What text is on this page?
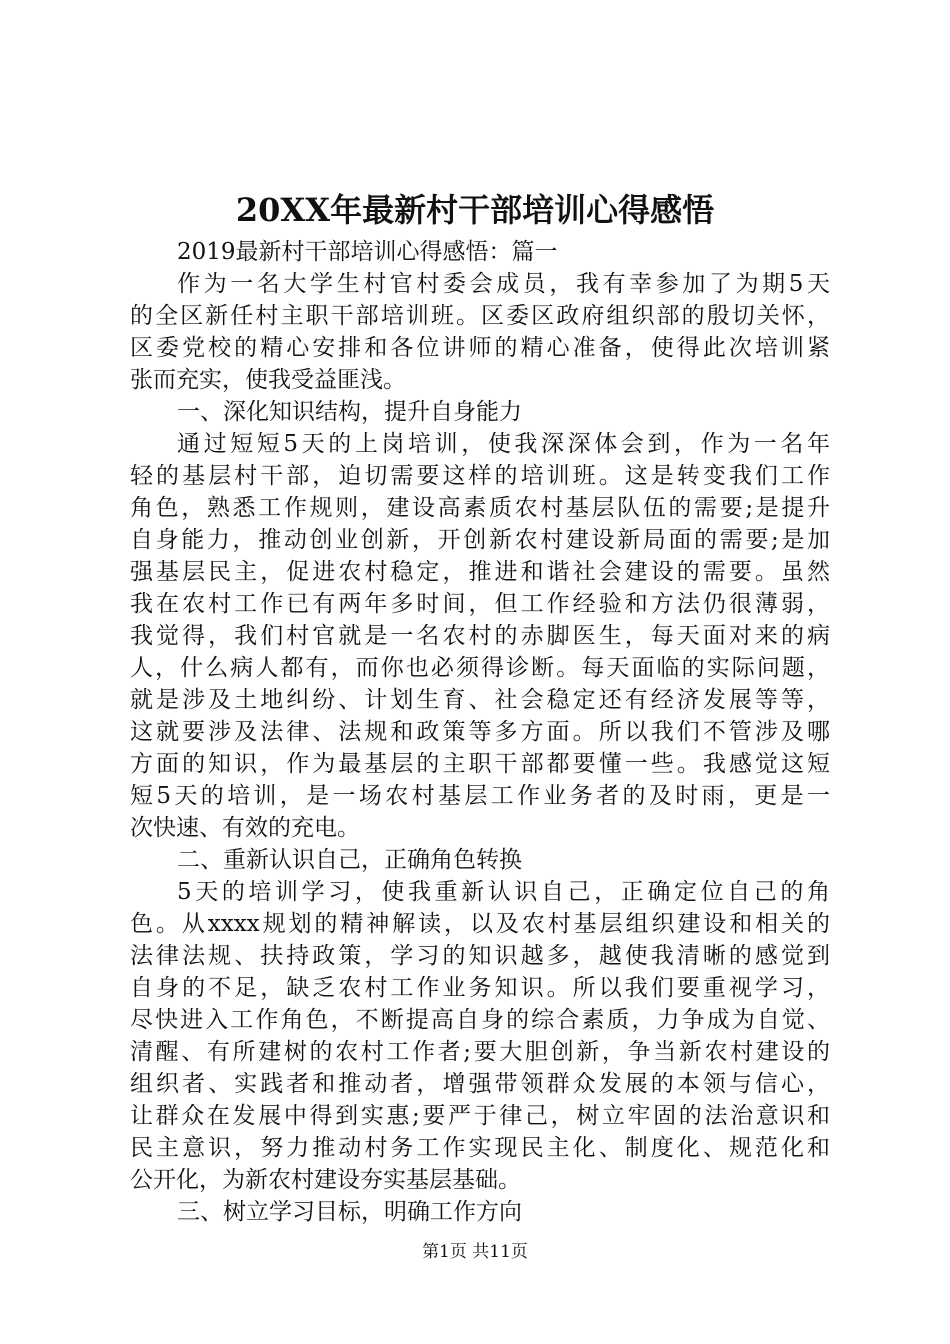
20XX年最新村干部培训心得感悟
2019最新村干部培训心得感悟：篇一
作为一名大学生村官村委会成员，我有幸参加了为期5天
的全区新任村主职干部培训班。区委区政府组织部的殷切关怀，
区委党校的精心安排和各位讲师的精心准备，使得此次培训紧
张而充实，使我受益匪浅。
一、深化知识结构，提升自身能力
通过短短5天的上岗培训，使我深深体会到，作为一名年
轻的基层村干部，迫切需要这样的培训班。这是转变我们工作
角色，熟悉工作规则，建设高素质农村基层队伍的需要;是提升
自身能力，推动创业创新，开创新农村建设新局面的需要;是加
强基层民主，促进农村稳定，推进和谐社会建设的需要。虽然
我在农村工作已有两年多时间，但工作经验和方法仍很薄弱，
我觉得，我们村官就是一名农村的赤脚医生，每天面对来的病
人，什么病人都有，而你也必须得诊断。每天面临的实际问题，
就是涉及土地纠纷、计划生育、社会稳定还有经济发展等等，
这就要涉及法律、法规和政策等多方面。所以我们不管涉及哪
方面的知识，作为最基层的主职干部都要懂一些。我感觉这短
短5天的培训，是一场农村基层工作业务者的及时雨，更是一
次快速、有效的充电。
二、重新认识自己，正确角色转换
5天的培训学习，使我重新认识自己，正确定位自己的角
色。从xxxx规划的精神解读，以及农村基层组织建设和相关的
法律法规、扶持政策，学习的知识越多，越使我清晰的感觉到
自身的不足，缺乏农村工作业务知识。所以我们要重视学习，
尽快进入工作角色，不断提高自身的综合素质，力争成为自觉、
清醒、有所建树的农村工作者;要大胆创新，争当新农村建设的
组织者、实践者和推动者，增强带领群众发展的本领与信心，
让群众在发展中得到实惠;要严于律己，树立牢固的法治意识和
民主意识，努力推动村务工作实现民主化、制度化、规范化和
公开化，为新农村建设夯实基层基础。
三、树立学习目标，明确工作方向
第1页 共11页
